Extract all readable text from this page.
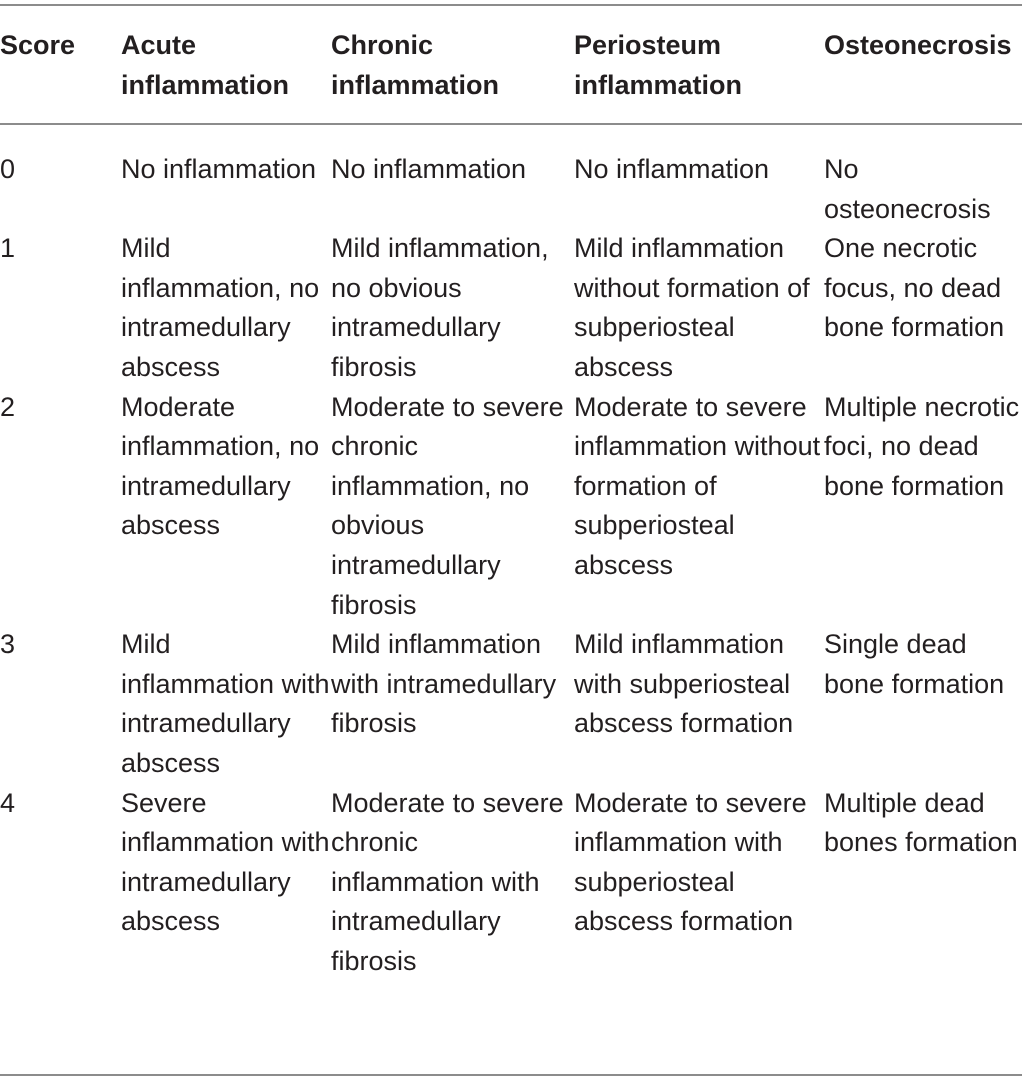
Score	Acute inflammation	Chronic inflammation	Periosteum inflammation	Osteonecrosis
0	No inflammation	No inflammation	No inflammation	No osteonecrosis
1	Mild inflammation, no intramedullary abscess	Mild inflammation, no obvious intramedullary fibrosis	Mild inflammation without formation of subperiosteal abscess	One necrotic focus, no dead bone formation
2	Moderate inflammation, no intramedullary abscess	Moderate to severe chronic inflammation, no obvious intramedullary fibrosis	Moderate to severe inflammation without formation of subperiosteal abscess	Multiple necrotic foci, no dead bone formation
3	Mild inflammation with intramedullary abscess	Mild inflammation with intramedullary fibrosis	Mild inflammation with subperiosteal abscess formation	Single dead bone formation
4	Severe inflammation with intramedullary abscess	Moderate to severe chronic inflammation with intramedullary fibrosis	Moderate to severe inflammation with subperiosteal abscess formation	Multiple dead bones formation
